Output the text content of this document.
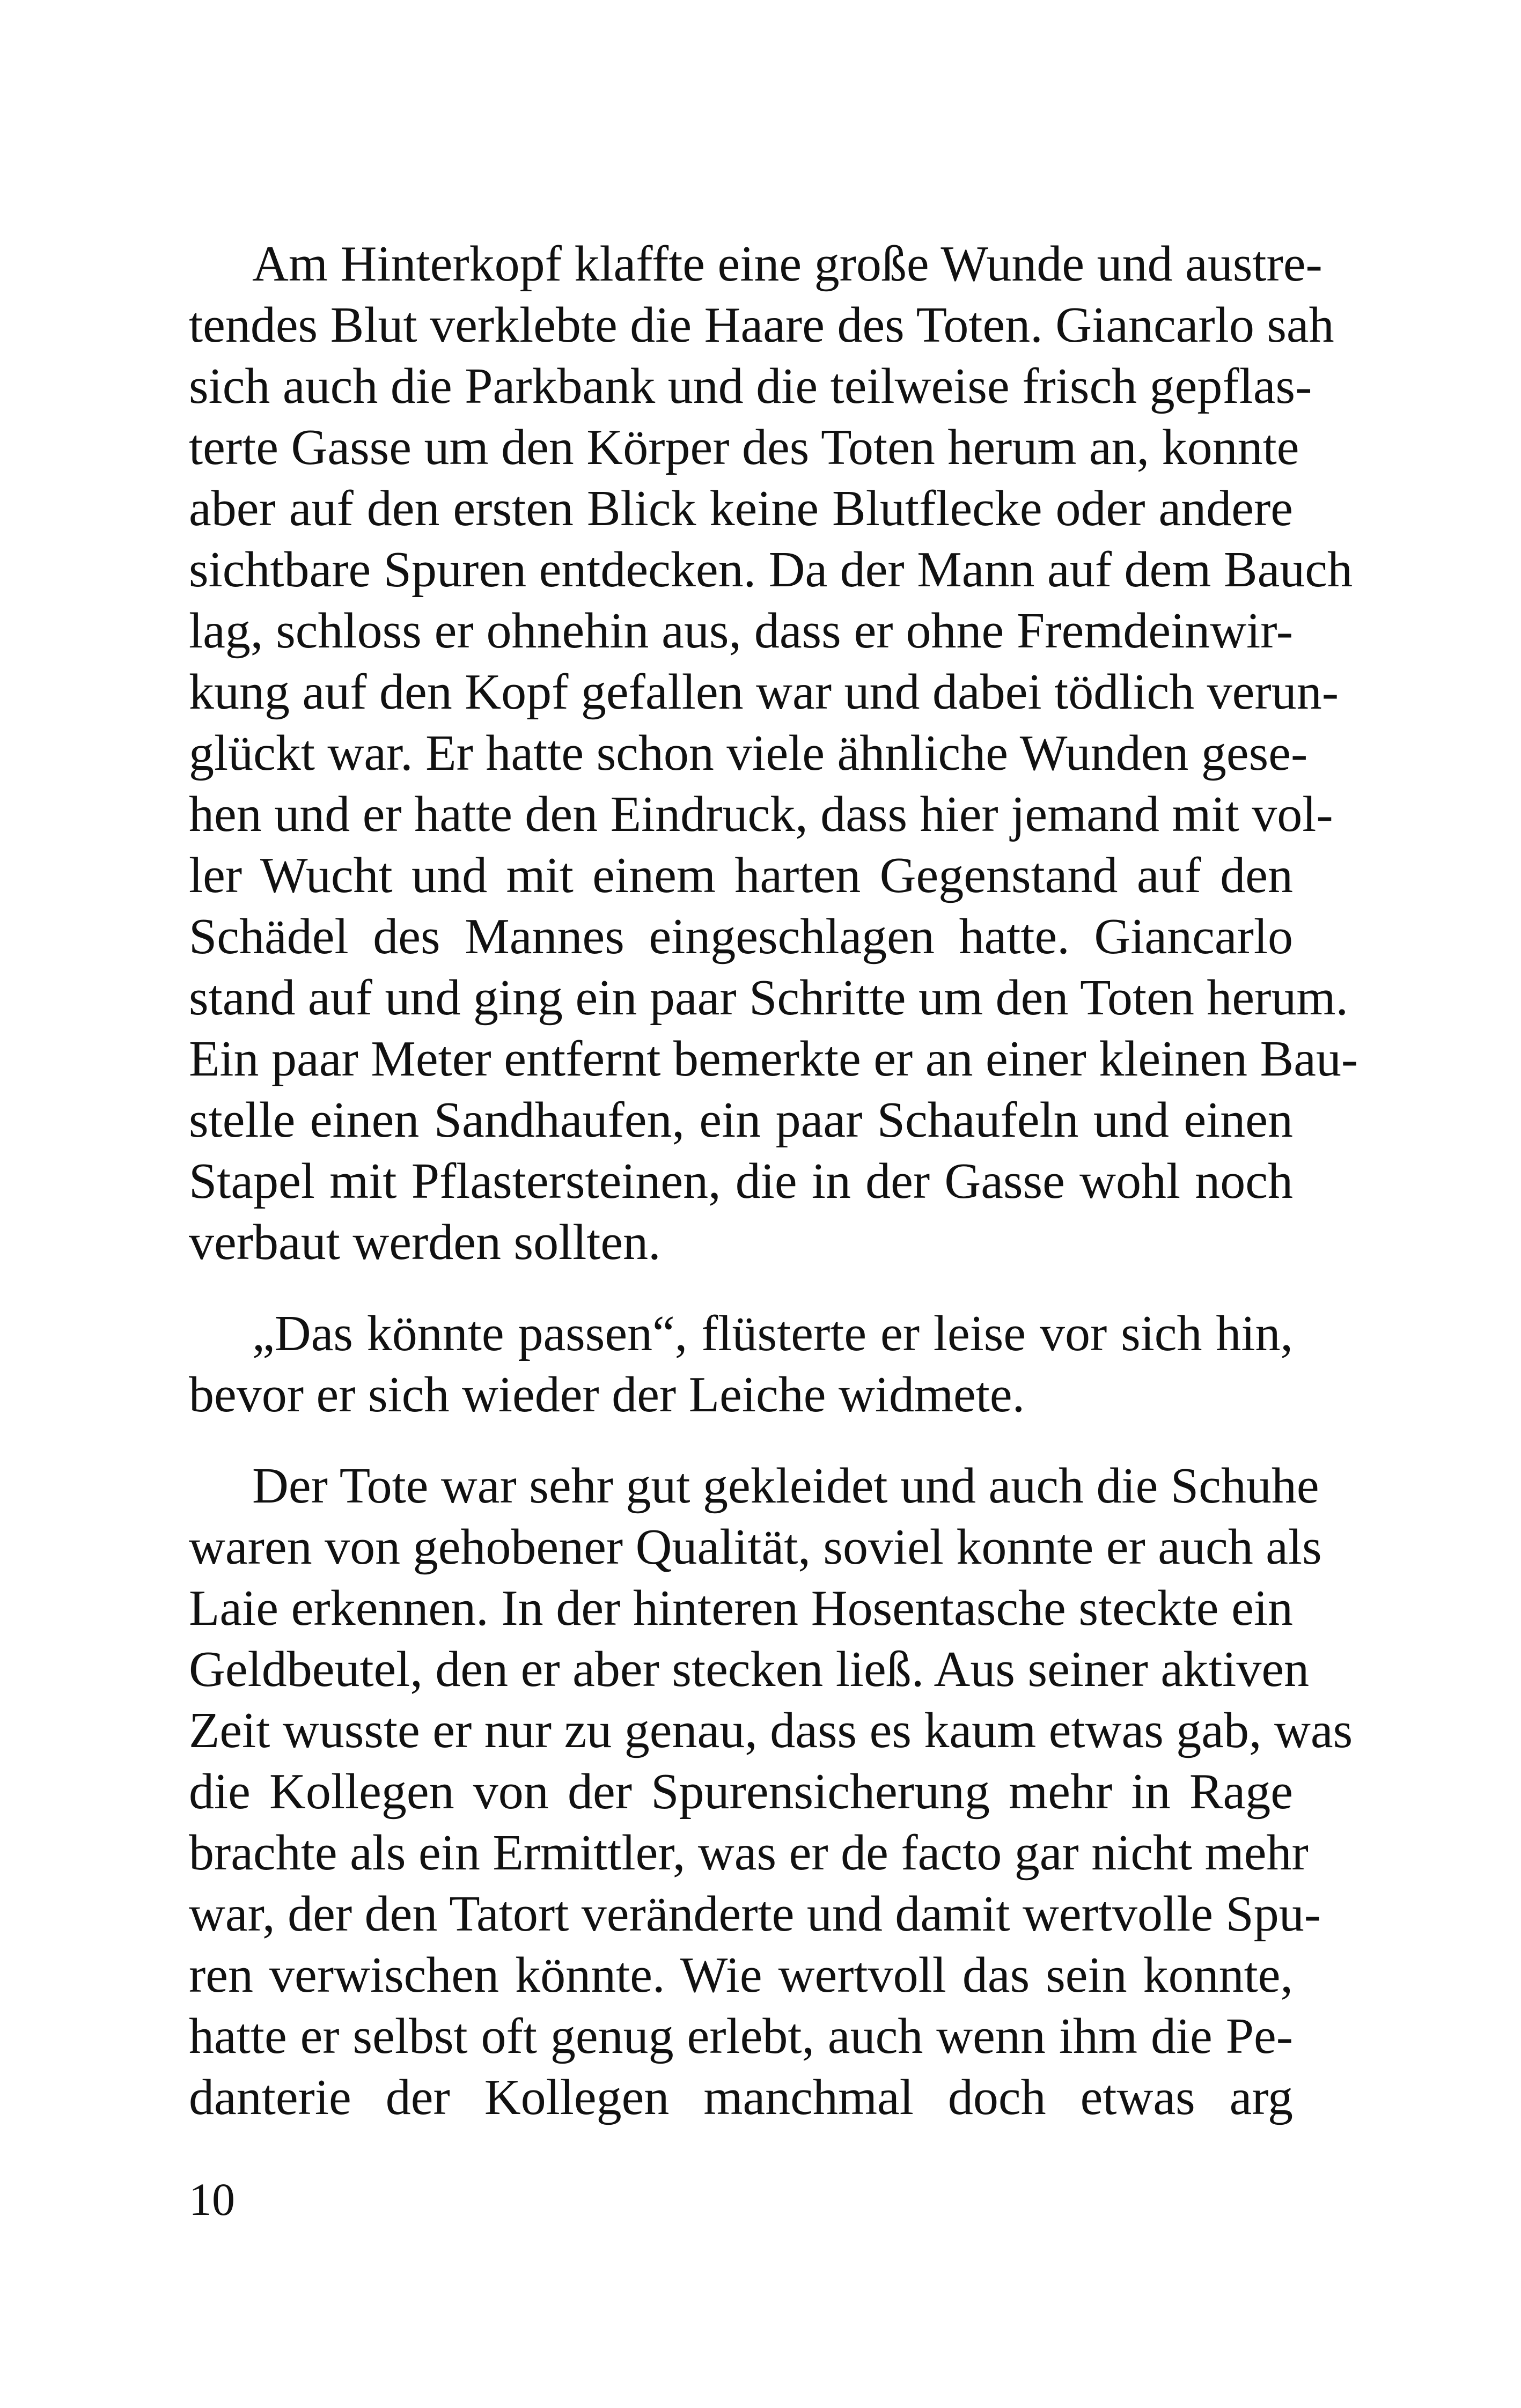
Am Hinterkopf klaffte eine große Wunde und austre-
tendes Blut verklebte die Haare des Toten. Giancarlo sah
sich auch die Parkbank und die teilweise frisch gepflas-
terte Gasse um den Körper des Toten herum an, konnte
aber auf den ersten Blick keine Blutflecke oder andere
sichtbare Spuren entdecken. Da der Mann auf dem Bauch
lag, schloss er ohnehin aus, dass er ohne Fremdeinwir-
kung auf den Kopf gefallen war und dabei tödlich verun-
glückt war. Er hatte schon viele ähnliche Wunden gese-
hen und er hatte den Eindruck, dass hier jemand mit vol-
ler Wucht und mit einem harten Gegenstand auf den
Schädel des Mannes eingeschlagen hatte. Giancarlo
stand auf und ging ein paar Schritte um den Toten herum.
Ein paar Meter entfernt bemerkte er an einer kleinen Bau-
stelle einen Sandhaufen, ein paar Schaufeln und einen
Stapel mit Pflastersteinen, die in der Gasse wohl noch
verbaut werden sollten.
„Das könnte passen“, flüsterte er leise vor sich hin,
bevor er sich wieder der Leiche widmete.
Der Tote war sehr gut gekleidet und auch die Schuhe
waren von gehobener Qualität, soviel konnte er auch als
Laie erkennen. In der hinteren Hosentasche steckte ein
Geldbeutel, den er aber stecken ließ. Aus seiner aktiven
Zeit wusste er nur zu genau, dass es kaum etwas gab, was
die Kollegen von der Spurensicherung mehr in Rage
brachte als ein Ermittler, was er de facto gar nicht mehr
war, der den Tatort veränderte und damit wertvolle Spu-
ren verwischen könnte. Wie wertvoll das sein konnte,
hatte er selbst oft genug erlebt, auch wenn ihm die Pe-
danterie der Kollegen manchmal doch etwas arg
10
